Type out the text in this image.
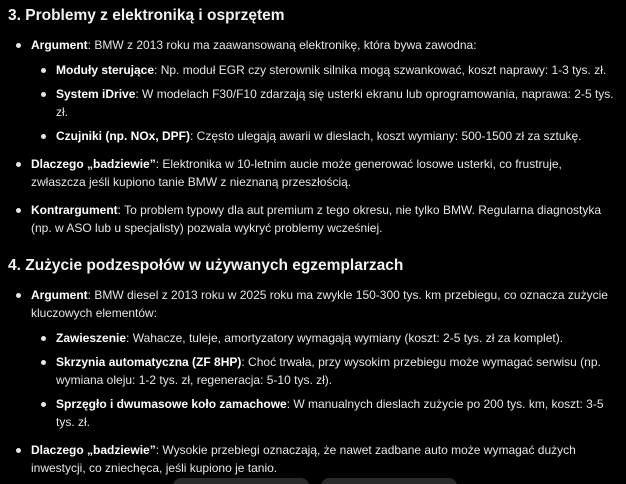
3. Problemy z elektroniką i osprzętem
Argument: BMW z 2013 roku ma zaawansowaną elektronikę, która bywa zawodna:
Moduły sterujące: Np. moduł EGR czy sterownik silnika mogą szwankować, koszt naprawy: 1-3 tys. zł.
System iDrive: W modelach F30/F10 zdarzają się usterki ekranu lub oprogramowania, naprawa: 2-5 tys. zł.
Czujniki (np. NOx, DPF): Często ulegają awarii w dieslach, koszt wymiany: 500-1500 zł za sztukę.
Dlaczego „badziewie”: Elektronika w 10-letnim aucie może generować losowe usterki, co frustruje, zwłaszcza jeśli kupiono tanie BMW z nieznaną przeszłością.
Kontrargument: To problem typowy dla aut premium z tego okresu, nie tylko BMW. Regularna diagnostyka (np. w ASO lub u specjalisty) pozwala wykryć problemy wcześniej.
4. Zużycie podzespołów w używanych egzemplarzach
Argument: BMW diesel z 2013 roku w 2025 roku ma zwykle 150-300 tys. km przebiegu, co oznacza zużycie kluczowych elementów:
Zawieszenie: Wahacze, tuleje, amortyzatory wymagają wymiany (koszt: 2-5 tys. zł za komplet).
Skrzynia automatyczna (ZF 8HP): Choć trwała, przy wysokim przebiegu może wymagać serwisu (np. wymiana oleju: 1-2 tys. zł, regeneracja: 5-10 tys. zł).
Sprzęgło i dwumasowe koło zamachowe: W manualnych dieslach zużycie po 200 tys. km, koszt: 3-5 tys. zł.
Dlaczego „badziewie”: Wysokie przebiegi oznaczają, że nawet zadbane auto może wymagać dużych inwestycji, co zniechęca, jeśli kupiono je tanio.
